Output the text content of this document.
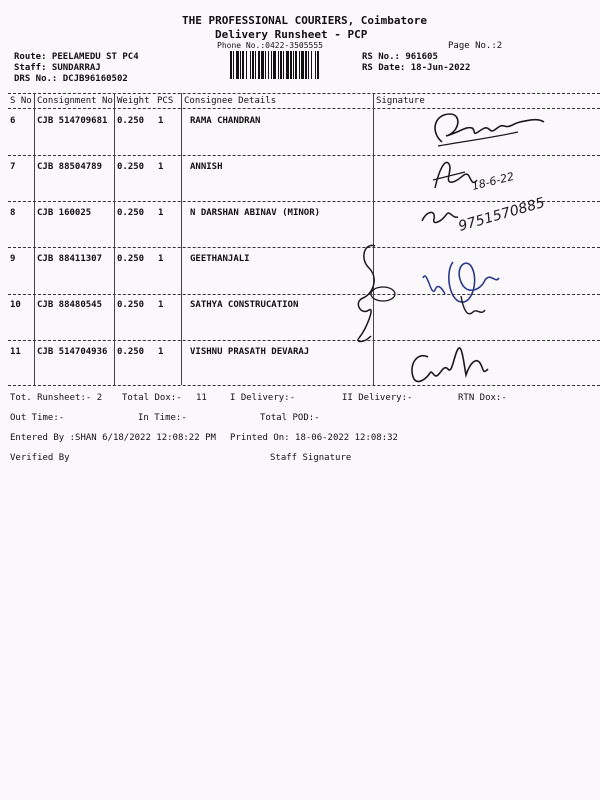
THE PROFESSIONAL COURIERS, Coimbatore
Delivery Runsheet - PCP
Phone No.:0422-3505555	Page No.:2
Route: PEELAMEDU ST PC4
Staff: SUNDARRAJ
DRS No.: DCJB96160502
RS No.: 961605
RS Date: 18-Jun-2022
S No Consignment No Weight PCS Consignee Details	Signature
6 CJB 514709681 0.250 1	RAMA CHANDRAN
7 CJB 88504789 0.250 1	ANNISH
8 CJB 160025	0.250 1	N DARSHAN ABINAV (MINOR)
9 CJB 88411307 0.250 1	GEETHANJALI
10 CJB 88480545 0.250 1	SATHYA CONSTRUCATION
11 CJB 514704936 0.250 1	VISHNU PRASATH DEVARAJ
18-6-22
9751570885
Tot. Runsheet:- 2 Total Dox:- 11	I Delivery:-	II Delivery:-	RTN Dox:-
Out Time:-	In Time:-	Total POD:-
Entered By :SHAN 6/18/2022 12:08:22 PM Printed On: 18-06-2022 12:08:32
Verified By	Staff Signature
